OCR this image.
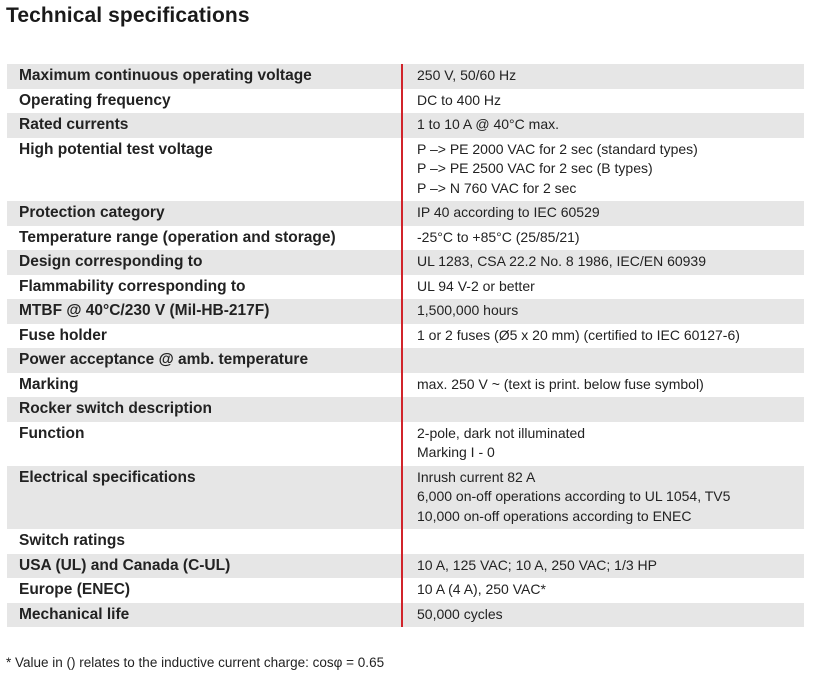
Technical specifications
Maximum continuous operating voltage	250 V, 50/60 Hz

Operating frequency	DC to 400 Hz

Rated currents	1 to 10 A @ 40°C max.

High potential test voltage	P –> PE 2000 VAC for 2 sec (standard types)
P –> PE 2500 VAC for 2 sec (B types)
P –> N 760 VAC for 2 sec

Protection category	IP 40 according to IEC 60529

Temperature range (operation and storage)	-25°C to +85°C (25/85/21)

Design corresponding to	UL 1283, CSA 22.2 No. 8 1986, IEC/EN 60939

Flammability corresponding to	UL 94 V-2 or better

MTBF @ 40°C/230 V (Mil-HB-217F)	1,500,000 hours

Fuse holder	1 or 2 fuses (Ø5 x 20 mm) (certified to IEC 60127-6)

Power acceptance @ amb. temperature	
Marking	max. 250 V ~ (text is print. below fuse symbol)

Rocker switch description	
Function	2-pole, dark not illuminated
Marking I - 0

Electrical specifications	Inrush current 82 A
6,000 on-off operations according to UL 1054, TV5
10,000 on-off operations according to ENEC

Switch ratings	
USA (UL) and Canada (C-UL)	10 A, 125 VAC; 10 A, 250 VAC; 1/3 HP

Europe (ENEC)	10 A (4 A), 250 VAC*

Mechanical life	50,000 cycles
* Value in () relates to the inductive current charge: cosφ = 0.65
